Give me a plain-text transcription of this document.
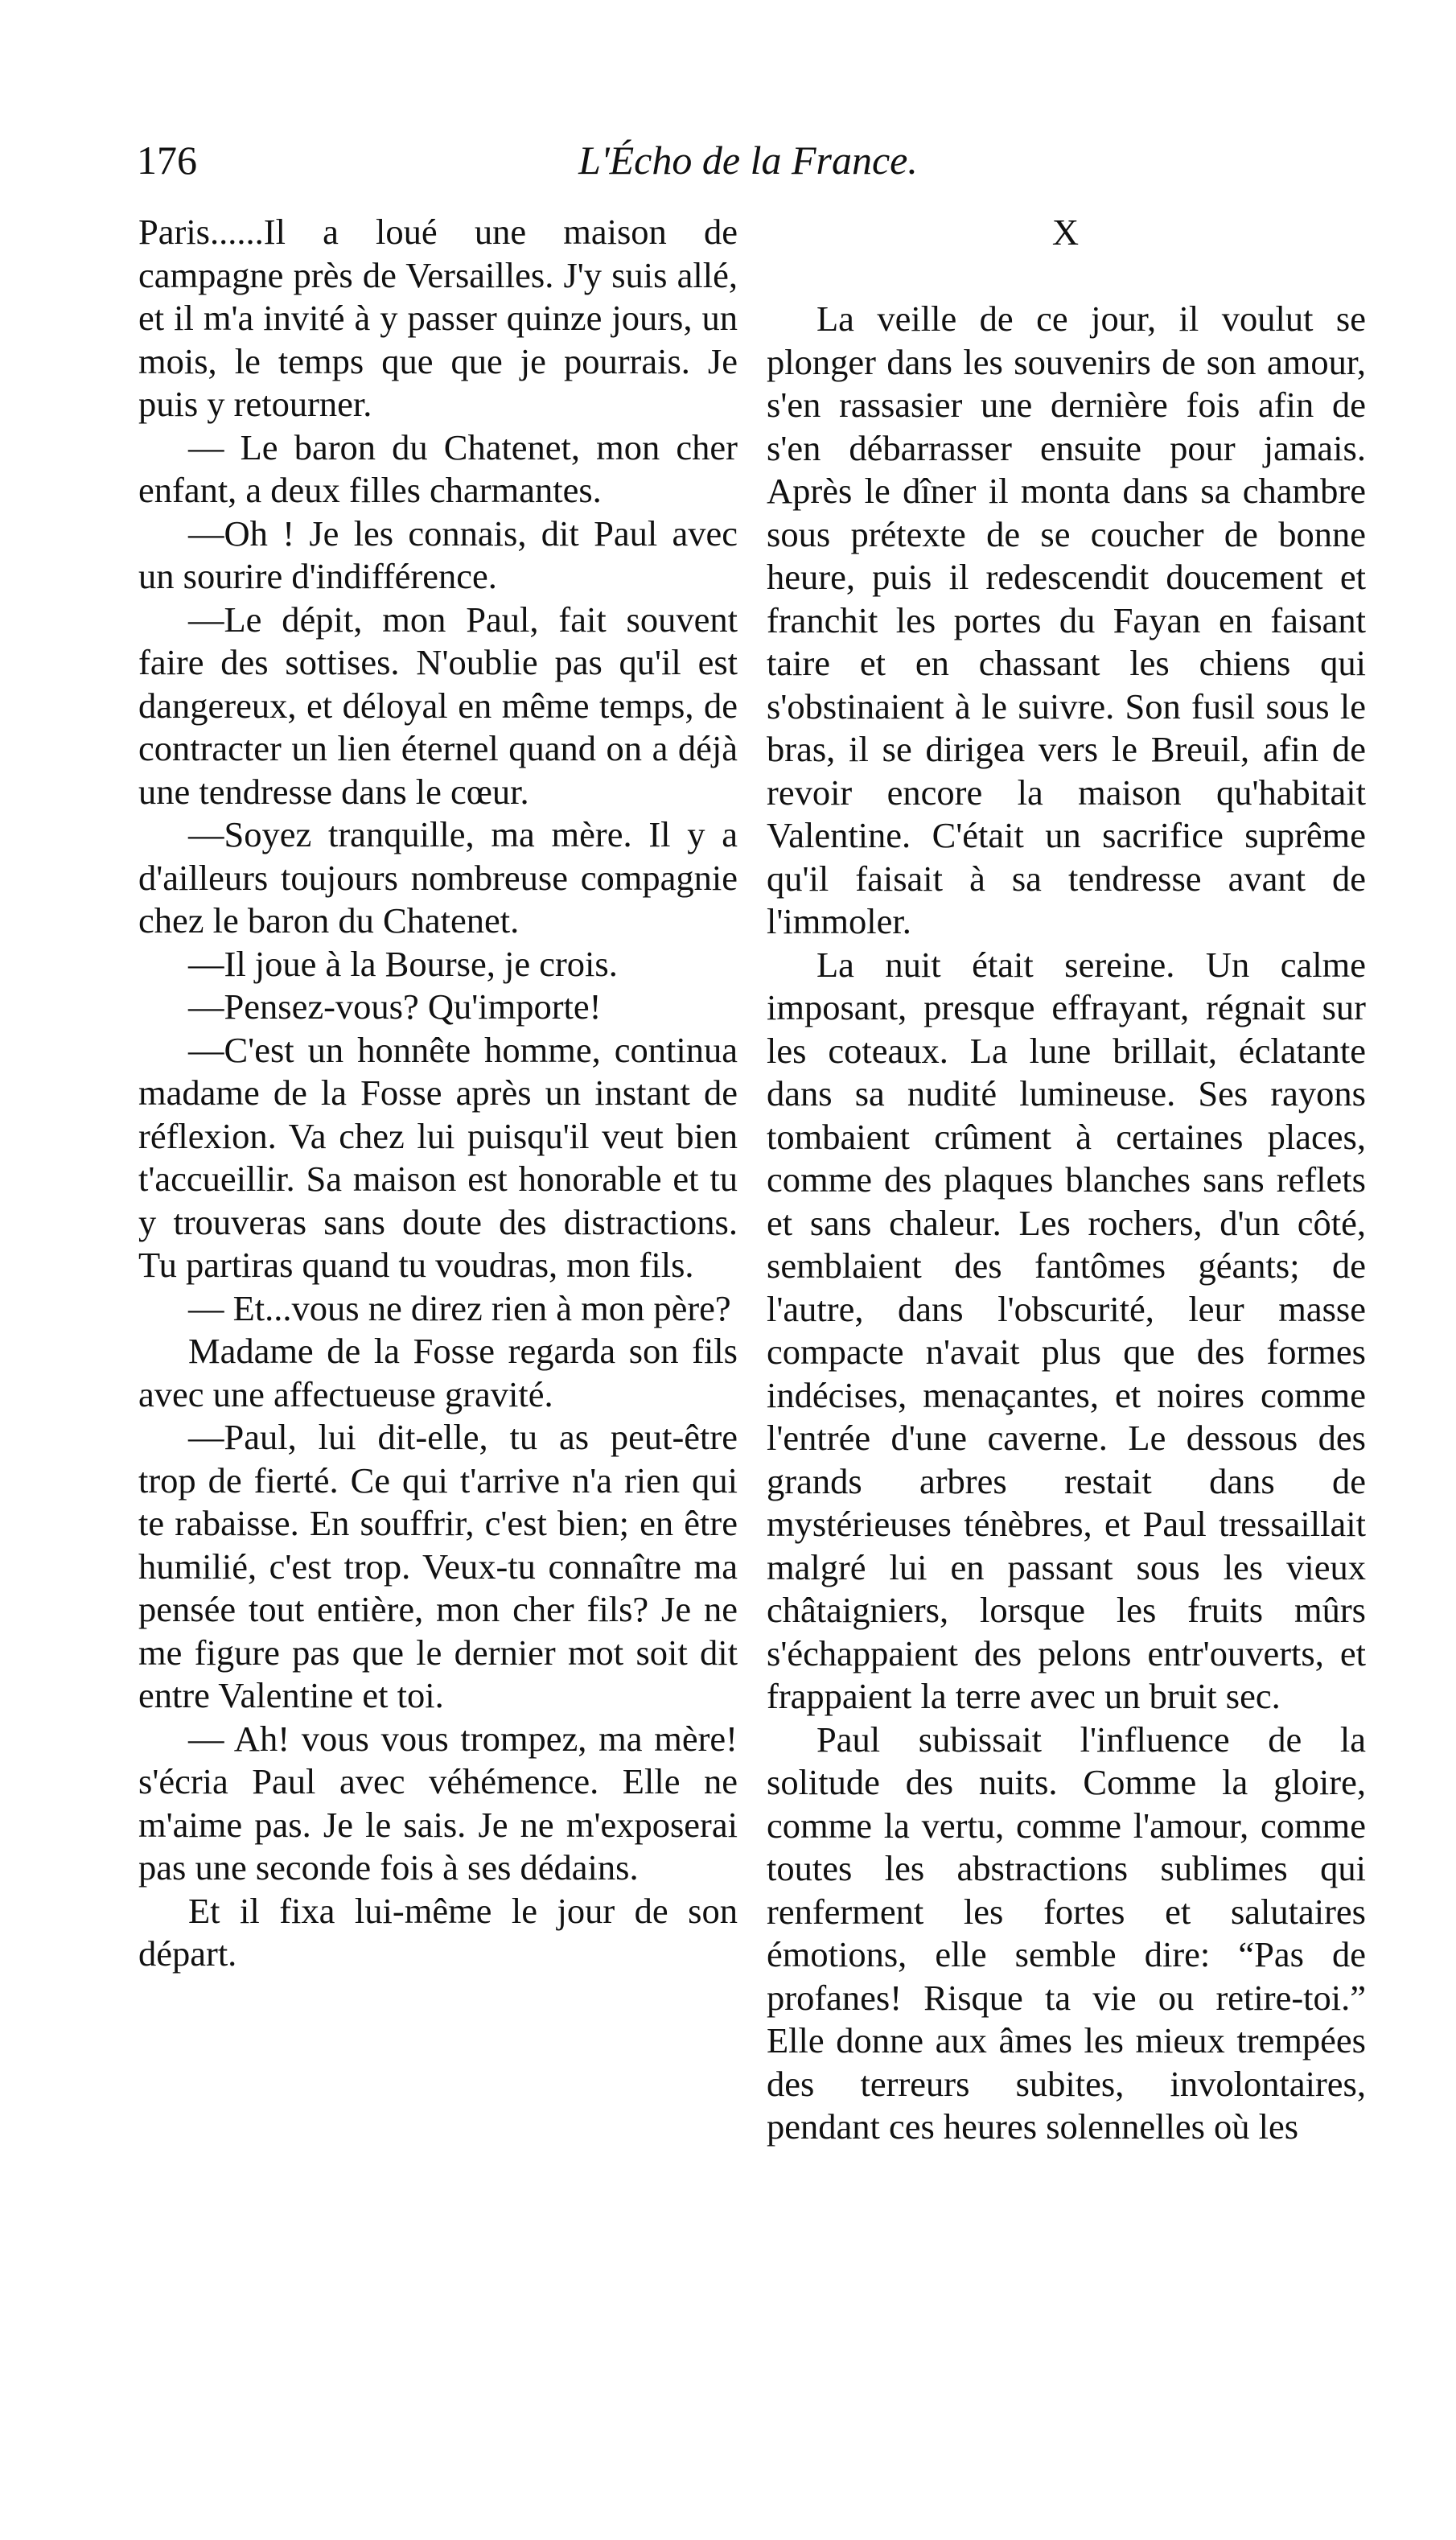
176	L'Écho de la France.

Paris......Il a loué une maison de campagne près de Versailles. J'y suis allé, et il m'a invité à y passer quinze jours, un mois, le temps que que je pourrais. Je puis y retourner.

— Le baron du Chatenet, mon cher enfant, a deux filles charmantes.

—Oh ! Je les connais, dit Paul avec un sourire d'indifférence.

—Le dépit, mon Paul, fait souvent faire des sottises. N'oublie pas qu'il est dangereux, et déloyal en même temps, de contracter un lien éternel quand on a déjà une tendresse dans le cœur.

—Soyez tranquille, ma mère. Il y a d'ailleurs toujours nombreuse compagnie chez le baron du Chatenet.

—Il joue à la Bourse, je crois.

—Pensez-vous? Qu'importe!

—C'est un honnête homme, continua madame de la Fosse après un instant de réflexion. Va chez lui puisqu'il veut bien t'accueillir. Sa maison est honorable et tu y trouveras sans doute des distractions. Tu partiras quand tu voudras, mon fils.

— Et...vous ne direz rien à mon père?

Madame de la Fosse regarda son fils avec une affectueuse gravité.

—Paul, lui dit-elle, tu as peut-être trop de fierté. Ce qui t'arrive n'a rien qui te rabaisse. En souffrir, c'est bien; en être humilié, c'est trop. Veux-tu connaître ma pensée tout entière, mon cher fils? Je ne me figure pas que le dernier mot soit dit entre Valentine et toi.

— Ah! vous vous trompez, ma mère! s'écria Paul avec véhémence. Elle ne m'aime pas. Je le sais. Je ne m'exposerai pas une seconde fois à ses dédains.

Et il fixa lui-même le jour de son départ.

X

La veille de ce jour, il voulut se plonger dans les souvenirs de son amour, s'en rassasier une dernière fois afin de s'en débarrasser ensuite pour jamais. Après le dîner il monta dans sa chambre sous prétexte de se coucher de bonne heure, puis il redescendit doucement et franchit les portes du Fayan en faisant taire et en chassant les chiens qui s'obstinaient à le suivre. Son fusil sous le bras, il se dirigea vers le Breuil, afin de revoir encore la maison qu'habitait Valentine. C'était un sacrifice suprême qu'il faisait à sa tendresse avant de l'immoler.

La nuit était sereine. Un calme imposant, presque effrayant, régnait sur les coteaux. La lune brillait, éclatante dans sa nudité lumineuse. Ses rayons tombaient crûment à certaines places, comme des plaques blanches sans reflets et sans chaleur. Les rochers, d'un côté, semblaient des fantômes géants; de l'autre, dans l'obscurité, leur masse compacte n'avait plus que des formes indécises, menaçantes, et noires comme l'entrée d'une caverne. Le dessous des grands arbres restait dans de mystérieuses ténèbres, et Paul tressaillait malgré lui en passant sous les vieux châtaigniers, lorsque les fruits mûrs s'échappaient des pelons entr'ouverts, et frappaient la terre avec un bruit sec.

Paul subissait l'influence de la solitude des nuits. Comme la gloire, comme la vertu, comme l'amour, comme toutes les abstractions sublimes qui renferment les fortes et salutaires émotions, elle semble dire: “Pas de profanes! Risque ta vie ou retire-toi.” Elle donne aux âmes les mieux trempées des terreurs subites, involontaires, pendant ces heures solennelles où les
